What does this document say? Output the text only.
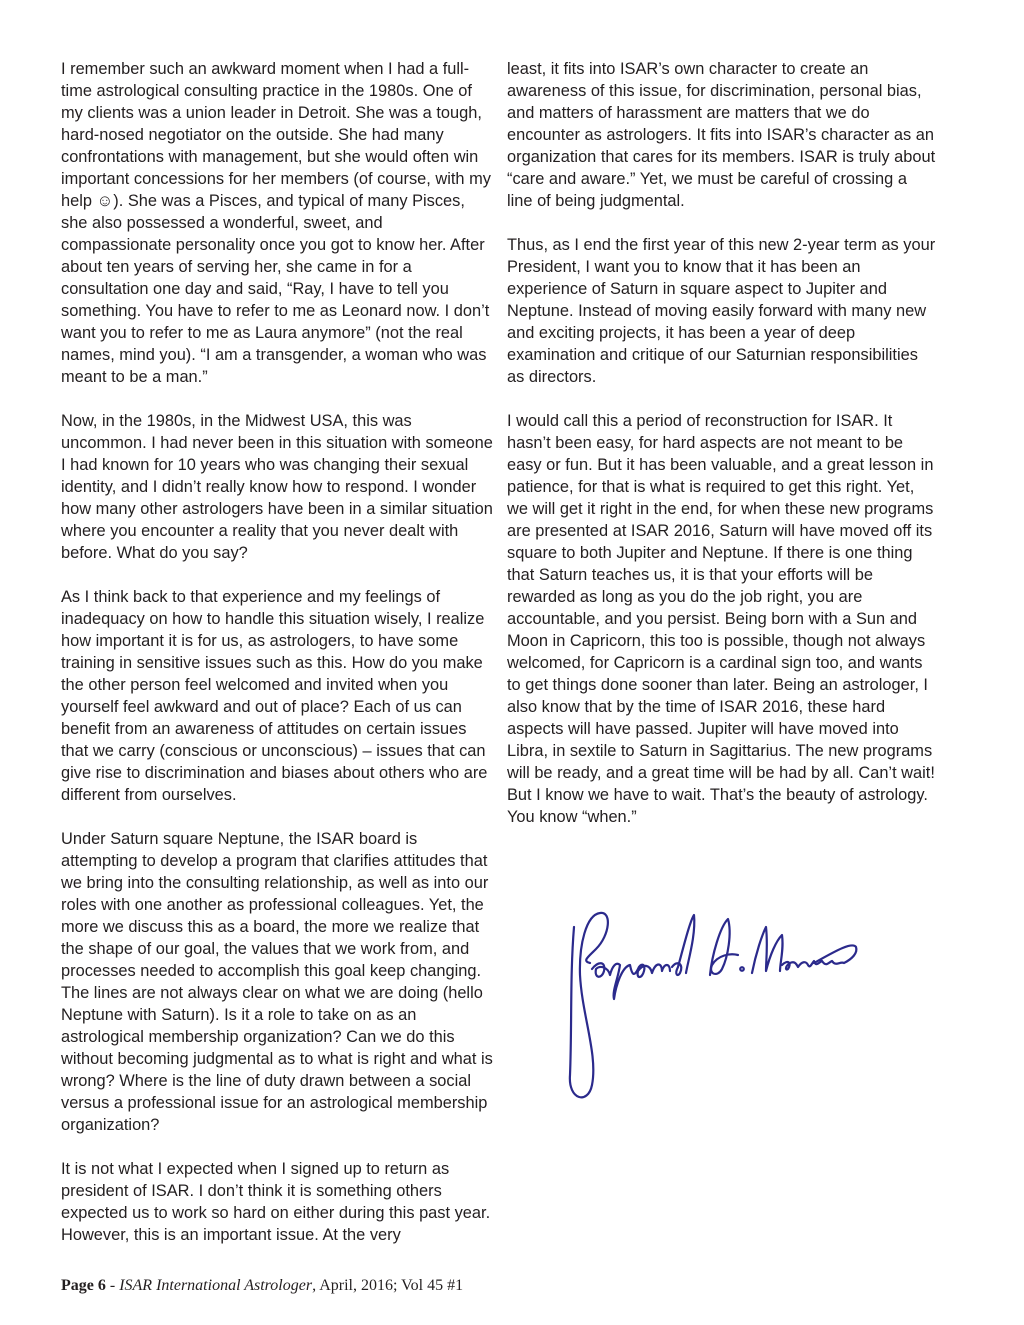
I remember such an awkward moment when I had a full-time astrological consulting practice in the 1980s. One of my clients was a union leader in Detroit. She was a tough, hard-nosed negotiator on the outside. She had many confrontations with management, but she would often win important concessions for her members (of course, with my help ☺). She was a Pisces, and typical of many Pisces, she also possessed a wonderful, sweet, and compassionate personality once you got to know her. After about ten years of serving her, she came in for a consultation one day and said, “Ray, I have to tell you something. You have to refer to me as Leonard now. I don’t want you to refer to me as Laura anymore” (not the real names, mind you). “I am a transgender, a woman who was meant to be a man.”

Now, in the 1980s, in the Midwest USA, this was uncommon. I had never been in this situation with someone I had known for 10 years who was changing their sexual identity, and I didn’t really know how to respond. I wonder how many other astrologers have been in a similar situation where you encounter a reality that you never dealt with before. What do you say?

As I think back to that experience and my feelings of inadequacy on how to handle this situation wisely, I realize how important it is for us, as astrologers, to have some training in sensitive issues such as this. How do you make the other person feel welcomed and invited when you yourself feel awkward and out of place? Each of us can benefit from an awareness of attitudes on certain issues that we carry (conscious or unconscious) – issues that can give rise to discrimination and biases about others who are different from ourselves.

Under Saturn square Neptune, the ISAR board is attempting to develop a program that clarifies attitudes that we bring into the consulting relationship, as well as into our roles with one another as professional colleagues. Yet, the more we discuss this as a board, the more we realize that the shape of our goal, the values that we work from, and processes needed to accomplish this goal keep changing. The lines are not always clear on what we are doing (hello Neptune with Saturn). Is it a role to take on as an astrological membership organization? Can we do this without becoming judgmental as to what is right and what is wrong? Where is the line of duty drawn between a social versus a professional issue for an astrological membership organization?

It is not what I expected when I signed up to return as president of ISAR. I don’t think it is something others expected us to work so hard on either during this past year. However, this is an important issue. At the very

least, it fits into ISAR’s own character to create an awareness of this issue, for discrimination, personal bias, and matters of harassment are matters that we do encounter as astrologers. It fits into ISAR’s character as an organization that cares for its members. ISAR is truly about “care and aware.” Yet, we must be careful of crossing a line of being judgmental.

Thus, as I end the first year of this new 2-year term as your President, I want you to know that it has been an experience of Saturn in square aspect to Jupiter and Neptune. Instead of moving easily forward with many new and exciting projects, it has been a year of deep examination and critique of our Saturnian responsibilities as directors.

I would call this a period of reconstruction for ISAR. It hasn’t been easy, for hard aspects are not meant to be easy or fun. But it has been valuable, and a great lesson in patience, for that is what is required to get this right. Yet, we will get it right in the end, for when these new programs are presented at ISAR 2016, Saturn will have moved off its square to both Jupiter and Neptune. If there is one thing that Saturn teaches us, it is that your efforts will be rewarded as long as you do the job right, you are accountable, and you persist. Being born with a Sun and Moon in Capricorn, this too is possible, though not always welcomed, for Capricorn is a cardinal sign too, and wants to get things done sooner than later. Being an astrologer, I also know that by the time of ISAR 2016, these hard aspects will have passed. Jupiter will have moved into Libra, in sextile to Saturn in Sagittarius. The new programs will be ready, and a great time will be had by all. Can’t wait! But I know we have to wait. That’s the beauty of astrology. You know “when.”

Page 6 - ISAR International Astrologer, April, 2016; Vol 45 #1
